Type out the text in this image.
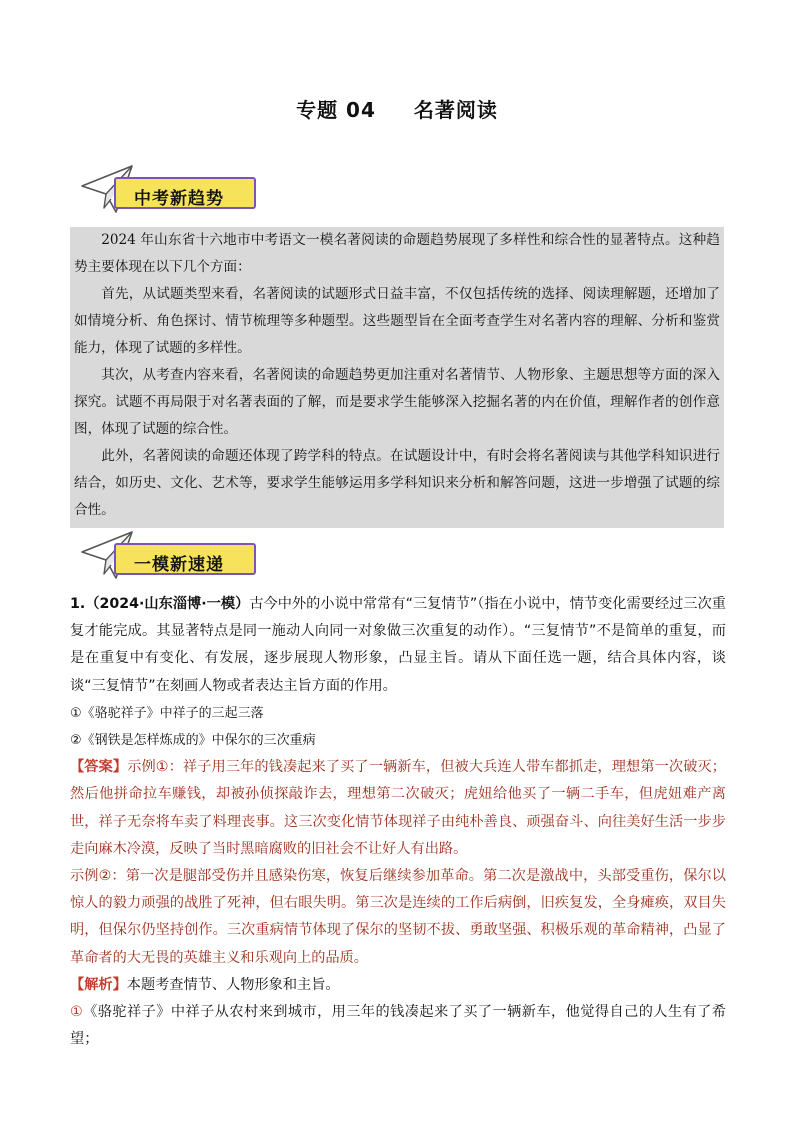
专题 04 名著阅读
中考新趋势

2024 年山东省十六地市中考语文一模名著阅读的命题趋势展现了多样性和综合性的显著特点。这种趋势主要体现在以下几个方面：

首先，从试题类型来看，名著阅读的试题形式日益丰富，不仅包括传统的选择、阅读理解题，还增加了如情境分析、角色探讨、情节梳理等多种题型。这些题型旨在全面考查学生对名著内容的理解、分析和鉴赏能力，体现了试题的多样性。

其次，从考查内容来看，名著阅读的命题趋势更加注重对名著情节、人物形象、主题思想等方面的深入探究。试题不再局限于对名著表面的了解，而是要求学生能够深入挖掘名著的内在价值，理解作者的创作意图，体现了试题的综合性。

此外，名著阅读的命题还体现了跨学科的特点。在试题设计中，有时会将名著阅读与其他学科知识进行结合，如历史、文化、艺术等，要求学生能够运用多学科知识来分析和解答问题，这进一步增强了试题的综合性。

一模新速递

1.（2024·山东淄博·一模）古今中外的小说中常常有“三复情节”（指在小说中，情节变化需要经过三次重复才能完成。其显著特点是同一施动人向同一对象做三次重复的动作）。“三复情节”不是简单的重复，而是在重复中有变化、有发展，逐步展现人物形象，凸显主旨。请从下面任选一题，结合具体内容，谈谈“三复情节”在刻画人物或者表达主旨方面的作用。

①《骆驼祥子》中祥子的三起三落

②《钢铁是怎样炼成的》中保尔的三次重病

【答案】示例①：祥子用三年的钱凑起来了买了一辆新车，但被大兵连人带车都抓走，理想第一次破灭；然后他拼命拉车赚钱，却被孙侦探敲诈去，理想第二次破灭；虎妞给他买了一辆二手车，但虎妞难产离世，祥子无奈将车卖了料理丧事。这三次变化情节体现祥子由纯朴善良、顽强奋斗、向往美好生活一步步走向麻木冷漠，反映了当时黑暗腐败的旧社会不让好人有出路。

示例②：第一次是腿部受伤并且感染伤寒，恢复后继续参加革命。第二次是激战中，头部受重伤，保尔以惊人的毅力顽强的战胜了死神，但右眼失明。第三次是连续的工作后病倒，旧疾复发，全身瘫痪，双目失明，但保尔仍坚持创作。三次重病情节体现了保尔的坚韧不拔、勇敢坚强、积极乐观的革命精神，凸显了革命者的大无畏的英雄主义和乐观向上的品质。

【解析】本题考查情节、人物形象和主旨。

①《骆驼祥子》中祥子从农村来到城市，用三年的钱凑起来了买了一辆新车，他觉得自己的人生有了希望；
